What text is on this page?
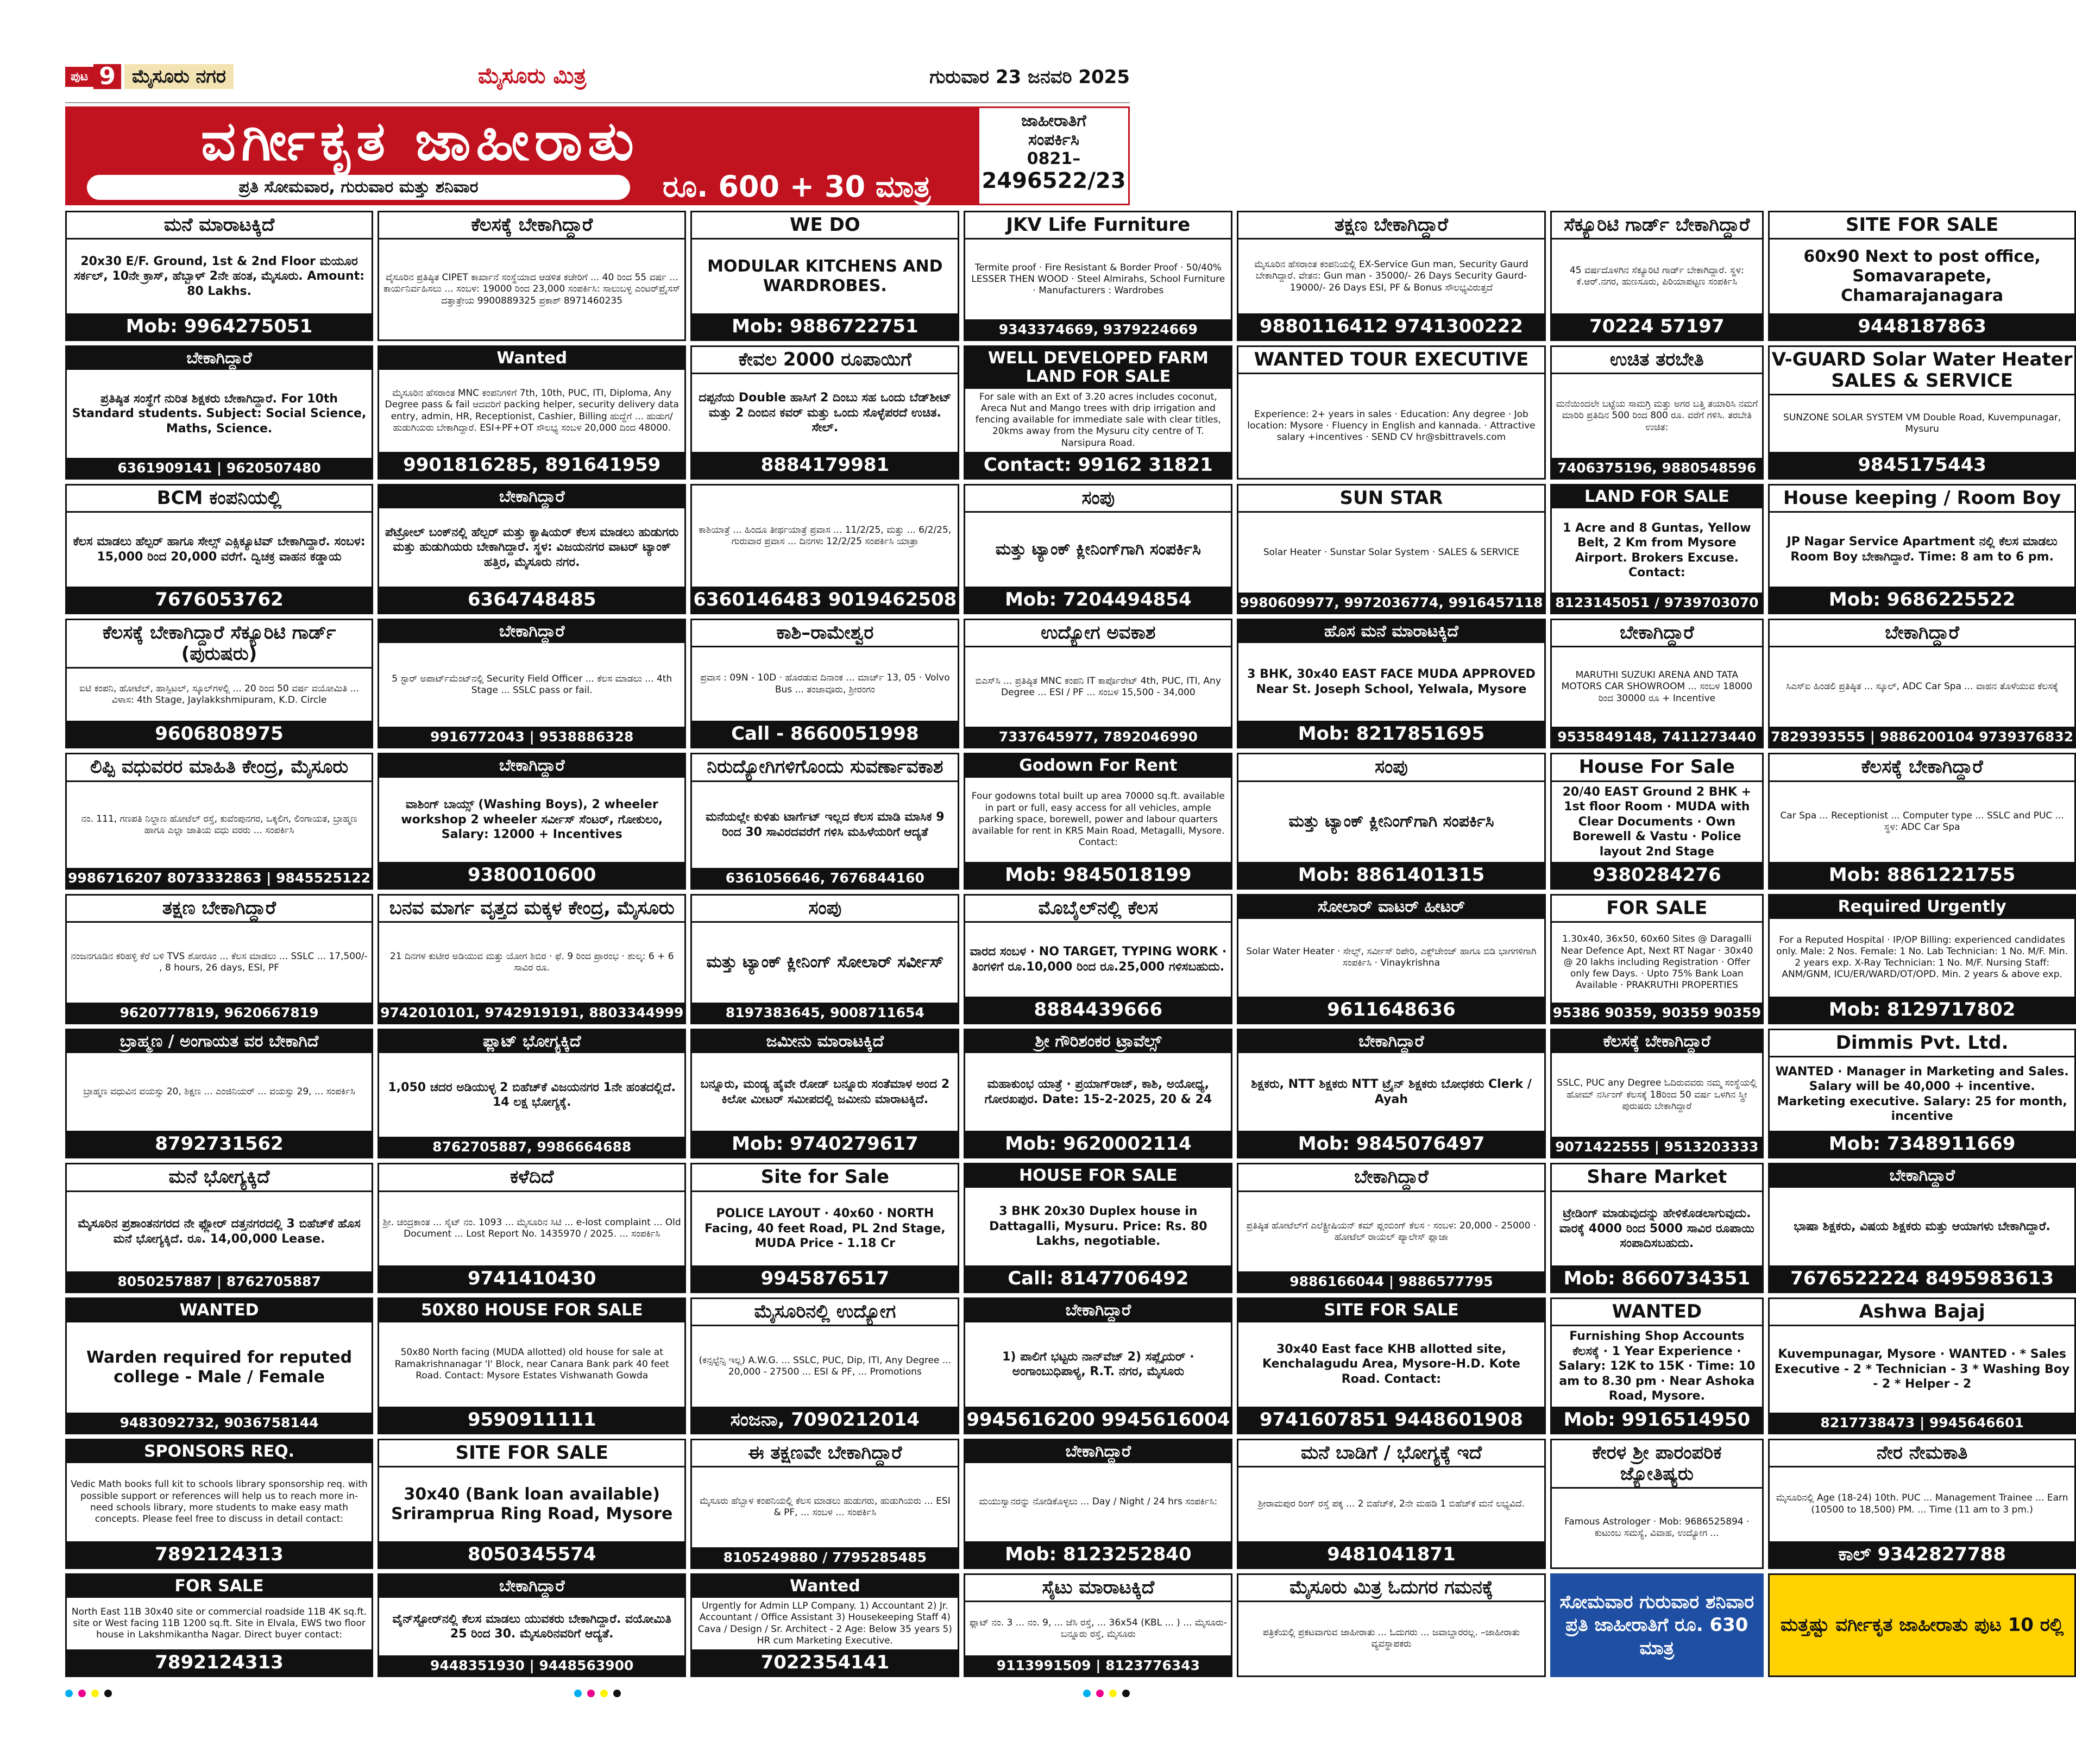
ಪುಟ 9 ಮೈಸೂರು ನಗರ	ಮೈಸೂರು ಮಿತ್ರ	ಗುರುವಾರ 23 ಜನವರಿ 2025
ವರ್ಗೀಕೃತ ಜಾಹೀರಾತು
ಪ್ರತಿ ಸೋಮವಾರ, ಗುರುವಾರ ಮತ್ತು ಶನಿವಾರ	ರೂ. 600 + 30 ಮಾತ್ರ
ಜಾಹೀರಾತಿಗೆ
ಸಂಪರ್ಕಿಸಿ
0821–
2496522/23
ಮನೆ ಮಾರಾಟಕ್ಕಿದೆ
20x30 E/F. Ground, 1st & 2nd Floor ಮಯೂರ ಸರ್ಕಲ್, 10ನೇ ಕ್ರಾಸ್, ಹೆಬ್ಬಾಳ್ 2ನೇ ಹಂತ, ಮೈಸೂರು. Amount: 80 Lakhs.
Mob: 9964275051
ಕೆಲಸಕ್ಕೆ ಬೇಕಾಗಿದ್ದಾರೆ
ವೈಸೂರಿನ ಪ್ರತಿಷ್ಠಿತ CIPET ಕಾರ್ಖಾನೆ ಸಂಸ್ಥೆಯಾದ ಆಡಳಿತ ಕಚೇರಿಗೆ ... 40 ರಿಂದ 55 ವರ್ಷ ... ಕಾರ್ಯನಿರ್ವಹಿಸಲು ... ಸಂಬಳ: 19000 ರಿಂದ 23,000 ಸಂಪರ್ಕಿಸಿ: ಸಾಲುಬಳ್ಳ ಎಂಟರ್‌ಪ್ರೈಸಸ್ ದತ್ತಾತ್ರೇಯ 9900889325 ಪ್ರಕಾಶ್ 8971460235
WE DO
MODULAR KITCHENS AND WARDROBES.
Mob: 9886722751
JKV Life Furniture
Termite proof · Fire Resistant & Border Proof · 50/40% LESSER THEN WOOD · Steel Almirahs, School Furniture · Manufacturers : Wardrobes
9343374669, 9379224669
ತಕ್ಷಣ ಬೇಕಾಗಿದ್ದಾರೆ
ಮೈಸೂರಿನ ಹೆಸರಾಂತ ಕಂಪನಿಯಲ್ಲಿ EX-Service Gun man, Security Gaurd ಬೇಕಾಗಿದ್ದಾರೆ. ವೇತನ: Gun man - 35000/- 26 Days Security Gaurd-19000/- 26 Days ESI, PF & Bonus ಸೌಲಭ್ಯವಿರುತ್ತದೆ
9880116412 9741300222
ಸೆಕ್ಯೂರಿಟಿ ಗಾರ್ಡ್ ಬೇಕಾಗಿದ್ದಾರೆ
45 ವರ್ಷದೊಳಗಿನ ಸೆಕ್ಯೂರಿಟಿ ಗಾರ್ಡ್ ಬೇಕಾಗಿದ್ದಾರೆ. ಸ್ಥಳ: ಕೆ.ಆರ್.ನಗರ, ಹುಣಸೂರು, ಪಿರಿಯಾಪಟ್ಟಣ ಸಂಪರ್ಕಿಸಿ
70224 57197
SITE FOR SALE
60x90 Next to post office, Somavarapete, Chamarajanagara
9448187863
ಬೇಕಾಗಿದ್ದಾರೆ
ಪ್ರತಿಷ್ಠಿತ ಸಂಸ್ಥೆಗೆ ನುರಿತ ಶಿಕ್ಷಕರು ಬೇಕಾಗಿದ್ದಾರೆ. For 10th Standard students. Subject: Social Science, Maths, Science.
6361909141 | 9620507480
Wanted
ಮೈಸೂರಿನ ಹೆಸರಾಂತ MNC ಕಂಪನಿಗಳಿಗೆ 7th, 10th, PUC, ITI, Diploma, Any Degree pass & fail ಆದವರಿಗೆ packing helper, security delivery data entry, admin, HR, Receptionist, Cashier, Billing ಹುದ್ದೆಗೆ ... ಹುಡುಗ/ಹುಡುಗಿಯರು ಬೇಕಾಗಿದ್ದಾರೆ. ESI+PF+OT ಸೌಲಭ್ಯ ಸಂಬಳ 20,000 ದಿಂದ 48000.
9901816285, 891641959
ಕೇವಲ 2000 ರೂಪಾಯಿಗೆ
ದಪ್ಪನೆಯ Double ಹಾಸಿಗೆ 2 ದಿಂಬು ಸಹ ಒಂದು ಬೆಡ್‌ಶೀಟ್ ಮತ್ತು 2 ದಿಂಬಿನ ಕವರ್ ಮತ್ತು ಒಂದು ಸೊಳ್ಳೆಪರದೆ ಉಚಿತ. ಸೇಲ್.
8884179981
WELL DEVELOPED FARM LAND FOR SALE
For sale with an Ext of 3.20 acres includes coconut, Areca Nut and Mango trees with drip irrigation and fencing available for immediate sale with clear titles, 20kms away from the Mysuru city centre of T. Narsipura Road.
Contact: 99162 31821
WANTED TOUR EXECUTIVE
Experience: 2+ years in sales · Education: Any degree · Job location: Mysore · Fluency in English and kannada. · Attractive salary +incentives · SEND CV hr@sbittravels.com
ಉಚಿತ ತರಬೇತಿ
ಮನೆಯಿಂದಲೇ ಬಟ್ಟೆಯ ಸಾಮಗ್ರಿ ಮತ್ತು ಅಗರ ಬತ್ತಿ ತಯಾರಿಸಿ ನಮಗೆ ಮಾರಿರಿ ಪ್ರತಿದಿನ 500 ರಿಂದ 800 ರೂ. ವರೆಗೆ ಗಳಿಸಿ. ತರಬೇತಿ ಉಚಿತ:
7406375196, 9880548596
V-GUARD Solar Water Heater SALES & SERVICE
SUNZONE SOLAR SYSTEM VM Double Road, Kuvempunagar, Mysuru
9845175443
BCM ಕಂಪನಿಯಲ್ಲಿ
ಕೆಲಸ ಮಾಡಲು ಹೆಲ್ಪರ್ ಹಾಗೂ ಸೇಲ್ಸ್ ಎಕ್ಸಿಕ್ಯೂಟಿವ್ ಬೇಕಾಗಿದ್ದಾರೆ. ಸಂಬಳ: 15,000 ರಿಂದ 20,000 ವರೆಗೆ. ದ್ವಿಚಕ್ರ ವಾಹನ ಕಡ್ಡಾಯ
7676053762
ಬೇಕಾಗಿದ್ದಾರೆ
ಪೆಟ್ರೋಲ್ ಬಂಕ್‌ನಲ್ಲಿ ಹೆಲ್ಪರ್ ಮತ್ತು ಕ್ಯಾಷಿಯರ್ ಕೆಲಸ ಮಾಡಲು ಹುಡುಗರು ಮತ್ತು ಹುಡುಗಿಯರು ಬೇಕಾಗಿದ್ದಾರೆ. ಸ್ಥಳ: ವಿಜಯನಗರ ವಾಟರ್ ಟ್ಯಾಂಕ್ ಹತ್ತಿರ, ಮೈಸೂರು ನಗರ.
6364748485
ಕಾಶಿಯಾತ್ರೆ ... ಹಿಂದೂ ತೀರ್ಥಯಾತ್ರೆ ಪ್ರವಾಸ ... 11/2/25, ಮತ್ತು ... 6/2/25, ಗುರುವಾರ ಪ್ರವಾಸ ... ದಿನಗಳು 12/2/25 ಸಂಪರ್ಕಿಸಿ ಯಾತ್ರಾ
6360146483 9019462508
ಸಂಪು
ಮತ್ತು ಟ್ಯಾಂಕ್ ಕ್ಲೀನಿಂಗ್‌ಗಾಗಿ ಸಂಪರ್ಕಿಸಿ
Mob: 7204494854
SUN STAR
Solar Heater · Sunstar Solar System · SALES & SERVICE
9980609977, 9972036774, 9916457118
LAND FOR SALE
1 Acre and 8 Guntas, Yellow Belt, 2 Km from Mysore Airport. Brokers Excuse. Contact:
8123145051 / 9739703070
House keeping / Room Boy
JP Nagar Service Apartment ನಲ್ಲಿ ಕೆಲಸ ಮಾಡಲು Room Boy ಬೇಕಾಗಿದ್ದಾರೆ. Time: 8 am to 6 pm.
Mob: 9686225522
ಕೆಲಸಕ್ಕೆ ಬೇಕಾಗಿದ್ದಾರೆ ಸೆಕ್ಯೂರಿಟಿ ಗಾರ್ಡ್ (ಪುರುಷರು)
ಐಟಿ ಕಂಪನಿ, ಹೋಟೆಲ್, ಹಾಸ್ಪಿಟಲ್, ಸ್ಕೂಲ್‌ಗಳಲ್ಲಿ ... 20 ರಿಂದ 50 ವರ್ಷ ವಯೋಮಿತಿ ... ವಿಳಾಸ: 4th Stage, Jaylakkshmipuram, K.D. Circle
9606808975
ಬೇಕಾಗಿದ್ದಾರೆ
5 ಸ್ಟಾರ್ ಅಪಾರ್ಟ್‌ಮೆಂಟ್‌ನಲ್ಲಿ Security Field Officer ... ಕೆಲಸ ಮಾಡಲು ... 4th Stage ... SSLC pass or fail.
9916772043 | 9538886328
ಕಾಶಿ–ರಾಮೇಶ್ವರ
ಪ್ರವಾಸ : 09N - 10D · ಹೊರಡುವ ದಿನಾಂಕ ... ಮಾರ್ಚ್ 13, 05 · Volvo Bus ... ತಂಜಾವೂರು, ಶ್ರೀರಂಗಂ
Call - 8660051998
ಉದ್ಯೋಗ ಅವಕಾಶ
ಬಿಎಸ್‌ಸಿ ... ಪ್ರತಿಷ್ಠಿತ MNC ಕಂಪನಿ IT ಕಾರ್ಪೊರೇಟ್ 4th, PUC, ITI, Any Degree ... ESI / PF ... ಸಂಬಳ 15,500 - 34,000
7337645977, 7892046990
ಹೊಸ ಮನೆ ಮಾರಾಟಕ್ಕಿದೆ
3 BHK, 30x40 EAST FACE MUDA APPROVED Near St. Joseph School, Yelwala, Mysore
Mob: 8217851695
ಬೇಕಾಗಿದ್ದಾರೆ
MARUTHI SUZUKI ARENA AND TATA MOTORS CAR SHOWROOM ... ಸಂಬಳ 18000 ರಿಂದ 30000 ರೂ + Incentive
9535849148, 7411273440
ಬೇಕಾಗಿದ್ದಾರೆ
ಸಿಎಸ್‌ಐ ಹಿಂಡಲಿ ಪ್ರತಿಷ್ಠಿತ ... ಸ್ಕೂಲ್, ADC Car Spa ... ವಾಹನ ತೊಳೆಯುವ ಕೆಲಸಕ್ಕೆ
7829393555 | 9886200104 9739376832
ಲಿಪ್ಪಿ ವಧುವರರ ಮಾಹಿತಿ ಕೇಂದ್ರ, ಮೈಸೂರು
ನಂ. 111, ಗಣಪತಿ ನಿಲ್ದಾಣ ಹೋಟೆಲ್ ರಸ್ತೆ, ಕುವೆಂಪುನಗರ, ಒಕ್ಕಲಿಗ, ಲಿಂಗಾಯತ, ಬ್ರಾಹ್ಮಣ ಹಾಗೂ ಎಲ್ಲಾ ಜಾತಿಯ ವಧು ವರರು ... ಸಂಪರ್ಕಿಸಿ
9986716207 8073332863 | 9845525122
ಬೇಕಾಗಿದ್ದಾರೆ
ವಾಶಿಂಗ್ ಬಾಯ್ಸ್ (Washing Boys), 2 wheeler workshop 2 wheeler ಸರ್ವೀಸ್ ಸೆಂಟರ್, ಗೋಕುಲಂ, Salary: 12000 + Incentives
9380010600
ನಿರುದ್ಯೋಗಿಗಳಿಗೊಂದು ಸುವರ್ಣಾವಕಾಶ
ಮನೆಯಲ್ಲೇ ಕುಳಿತು ಟಾರ್ಗೆಟ್ ಇಲ್ಲದ ಕೆಲಸ ಮಾಡಿ ಮಾಸಿಕ 9 ರಿಂದ 30 ಸಾವಿರದವರೆಗೆ ಗಳಿಸಿ ಮಹಿಳೆಯರಿಗೆ ಆದ್ಯತೆ
6361056646, 7676844160
Godown For Rent
Four godowns total built up area 70000 sq.ft. available in part or full, easy access for all vehicles, ample parking space, borewell, power and labour quarters available for rent in KRS Main Road, Metagalli, Mysore. Contact:
Mob: 9845018199
ಸಂಪು
ಮತ್ತು ಟ್ಯಾಂಕ್ ಕ್ಲೀನಿಂಗ್‌ಗಾಗಿ ಸಂಪರ್ಕಿಸಿ
Mob: 8861401315
House For Sale
20/40 EAST Ground 2 BHK + 1st floor Room · MUDA with Clear Documents · Own Borewell & Vastu · Police layout 2nd Stage
9380284276
ಕೆಲಸಕ್ಕೆ ಬೇಕಾಗಿದ್ದಾರೆ
Car Spa ... Receptionist ... Computer type ... SSLC and PUC ... ಸ್ಥಳ: ADC Car Spa
Mob: 8861221755
ತಕ್ಷಣ ಬೇಕಾಗಿದ್ದಾರೆ
ನಂಜನಗೂಡಿನ ಕರಿಹಳ್ಳಿ ಕೆರೆ ಬಳಿ TVS ಶೋರೂಂ ... ಕೆಲಸ ಮಾಡಲು ... SSLC ... 17,500/- , 8 hours, 26 days, ESI, PF
9620777819, 9620667819
ಬನವ ಮಾರ್ಗ ವೃತ್ತದ ಮಕ್ಕಳ ಕೇಂದ್ರ, ಮೈಸೂರು
21 ದಿನಗಳ ಕುಟೀರ ಅಡಿಯುವ ಮತ್ತು ಯೋಗ ಶಿಬಿರ · ಫೆ. 9 ರಿಂದ ಪ್ರಾರಂಭ · ಶುಲ್ಕ: 6 + 6 ಸಾವಿರ ರೂ.
9742010101, 9742919191, 8803344999
ಸಂಪು
ಮತ್ತು ಟ್ಯಾಂಕ್ ಕ್ಲೀನಿಂಗ್ ಸೋಲಾರ್ ಸರ್ವೀಸ್
8197383645, 9008711654
ಮೊಬೈಲ್‌ನಲ್ಲಿ ಕೆಲಸ
ವಾರದ ಸಂಬಳ · NO TARGET, TYPING WORK · ತಿಂಗಳಿಗೆ ರೂ.10,000 ರಿಂದ ರೂ.25,000 ಗಳಿಸಬಹುದು.
8884439666
ಸೋಲಾರ್ ವಾಟರ್ ಹೀಟರ್
Solar Water Heater · ಸೇಲ್ಸ್, ಸರ್ವೀಸ್ ರಿಪೇರಿ, ಎಕ್ಸ್‌ಚೇಂಜ್ ಹಾಗೂ ಬಿಡಿ ಭಾಗಗಳಿಗಾಗಿ ಸಂಪರ್ಕಿಸಿ · Vinaykrishna
9611648636
FOR SALE
1.30x40, 36x50, 60x60 Sites @ Daragalli Near Defence Apt, Next RT Nagar · 30x40 @ 20 lakhs including Registration · Offer only few Days. · Upto 75% Bank Loan Available · PRAKRUTHI PROPERTIES
95386 90359, 90359 90359
Required Urgently
For a Reputed Hospital · IP/OP Billing: experienced candidates only. Male: 2 Nos. Female: 1 No. Lab Technician: 1 No. M/F. Min. 2 years exp. X-Ray Technician: 1 No. M/F. Nursing Staff: ANM/GNM, ICU/ER/WARD/OT/OPD. Min. 2 years & above exp.
Mob: 8129717802
ಬ್ರಾಹ್ಮಣ / ಅಂಗಾಯತ ವರ ಬೇಕಾಗಿದೆ
ಬ್ರಾಹ್ಮಣ ವಧುವಿನ ವಯಸ್ಸು 20, ಶಿಕ್ಷಣ ... ಎಂಜಿನಿಯರ್ ... ವಯಸ್ಸು 29, ... ಸಂಪರ್ಕಿಸಿ
8792731562
ಫ್ಲಾಟ್ ಭೋಗ್ಯಕ್ಕಿದೆ
1,050 ಚದರ ಅಡಿಯುಳ್ಳ 2 ಬಿಹೆಚ್‌ಕೆ ವಿಜಯನಗರ 1ನೇ ಹಂತದಲ್ಲಿದೆ. 14 ಲಕ್ಷ ಭೋಗ್ಯಕ್ಕೆ.
8762705887, 9986664688
ಜಮೀನು ಮಾರಾಟಕ್ಕಿದೆ
ಬನ್ನೂರು, ಮಂಡ್ಯ ಹೈವೇ ರೋಡ್ ಬನ್ನೂರು ಸಂತೆಮಾಳ ಅಂದ 2 ಕಿಲೋ ಮೀಟರ್ ಸಮೀಪದಲ್ಲಿ ಜಮೀನು ಮಾರಾಟಕ್ಕಿದೆ.
Mob: 9740279617
ಶ್ರೀ ಗೌರಿಶಂಕರ ಟ್ರಾವೆಲ್ಸ್
ಮಹಾಕುಂಭ ಯಾತ್ರೆ · ಪ್ರಯಾಗ್‌ರಾಜ್, ಕಾಶಿ, ಅಯೋಧ್ಯ, ಗೋರಖಪುರ. Date: 15-2-2025, 20 & 24
Mob: 9620002114
ಬೇಕಾಗಿದ್ದಾರೆ
ಶಿಕ್ಷಕರು, NTT ಶಿಕ್ಷಕರು NTT ಟ್ರೈನ್ ಶಿಕ್ಷಕರು ಬೋಧಕರು Clerk / Ayah
Mob: 9845076497
ಕೆಲಸಕ್ಕೆ ಬೇಕಾಗಿದ್ದಾರೆ
SSLC, PUC any Degree ಓದಿರುವವರು ನಮ್ಮ ಸಂಸ್ಥೆಯಲ್ಲಿ ಹೋಮ್ ನರ್ಸಿಂಗ್ ಕೆಲಸಕ್ಕೆ 18ರಿಂದ 50 ವರ್ಷ ಒಳಗಿನ ಸ್ತ್ರೀ ಪುರುಷರು ಬೇಕಾಗಿದ್ದಾರೆ
9071422555 | 9513203333
Dimmis Pvt. Ltd.
WANTED · Manager in Marketing and Sales. Salary will be 40,000 + incentive. Marketing executive. Salary: 25 for month, incentive
Mob: 7348911669
ಮನೆ ಭೋಗ್ಯಕ್ಕಿದೆ
ಮೈಸೂರಿನ ಪ್ರಶಾಂತನಗರದ ನೇ ಫ್ಲೋರ್ ದತ್ತನಗರದಲ್ಲಿ 3 ಬಿಹೆಚ್‌ಕೆ ಹೊಸ ಮನೆ ಭೋಗ್ಯಕ್ಕಿದೆ. ರೂ. 14,00,000 Lease.
8050257887 | 8762705887
ಕಳೆದಿದೆ
ಶ್ರೀ. ಚಂದ್ರಕಾಂತ ... ಸೈಟ್ ನಂ. 1093 ... ಮೈಸೂರಿನ ಸಿಟಿ ... e-lost complaint ... Old Document ... Lost Report No. 1435970 / 2025. ... ಸಂಪರ್ಕಿಸಿ
9741410430
Site for Sale
POLICE LAYOUT · 40x60 · NORTH Facing, 40 feet Road, PL 2nd Stage, MUDA Price - 1.18 Cr
9945876517
HOUSE FOR SALE
3 BHK 20x30 Duplex house in Dattagalli, Mysuru. Price: Rs. 80 Lakhs, negotiable.
Call: 8147706492
ಬೇಕಾಗಿದ್ದಾರೆ
ಪ್ರತಿಷ್ಠಿತ ಹೋಟೆಲ್‌ಗೆ ಎಲೆಕ್ಟ್ರೀಷಿಯನ್ ಕಮ್ ಪ್ಲಂಬಿಂಗ್ ಕೆಲಸ · ಸಂಬಳ: 20,000 - 25000 · ಹೋಟೆಲ್ ರಾಯಲ್ ಪ್ಯಾಲೇಸ್ ಪ್ಲಾಜಾ
9886166044 | 9886577795
Share Market
ಟ್ರೇಡಿಂಗ್ ಮಾಡುವುದನ್ನು ಹೇಳಿಕೊಡಲಾಗುವುದು. ವಾರಕ್ಕೆ 4000 ರಿಂದ 5000 ಸಾವಿರ ರೂಪಾಯಿ ಸಂಪಾದಿಸಬಹುದು.
Mob: 8660734351
ಬೇಕಾಗಿದ್ದಾರೆ
ಭಾಷಾ ಶಿಕ್ಷಕರು, ವಿಷಯ ಶಿಕ್ಷಕರು ಮತ್ತು ಆಯಾಗಳು ಬೇಕಾಗಿದ್ದಾರೆ.
7676522224 8495983613
WANTED
Warden required for reputed college - Male / Female
9483092732, 9036758144
50X80 HOUSE FOR SALE
50x80 North facing (MUDA allotted) old house for sale at Ramakrishnanagar 'I' Block, near Canara Bank park 40 feet Road. Contact: Mysore Estates Vishwanath Gowda
9590911111
ಮೈಸೂರಿನಲ್ಲಿ ಉದ್ಯೋಗ
(ಕನ್ಸಲ್ಟೆನ್ಸಿ ಇಲ್ಲ) A.W.G. ... SSLC, PUC, Dip, ITI, Any Degree ... 20,000 - 27500 ... ESI & PF, ... Promotions
ಸಂಜನಾ, 7090212014
ಬೇಕಾಗಿದ್ದಾರೆ
1) ಪಾಲಿಗೆ ಭಟ್ಟರು ನಾನ್‌ವೆಜ್ 2) ಸಪ್ಲೈಯರ್ · ಅಂಗಾಂಬುಧಿಪಾಳ್ಯ, R.T. ನಗರ, ಮೈಸೂರು
9945616200 9945616004
SITE FOR SALE
30x40 East face KHB allotted site, Kenchalagudu Area, Mysore-H.D. Kote Road. Contact:
9741607851 9448601908
WANTED
Furnishing Shop Accounts ಕೆಲಸಕ್ಕೆ · 1 Year Experience · Salary: 12K to 15K · Time: 10 am to 8.30 pm · Near Ashoka Road, Mysore.
Mob: 9916514950
Ashwa Bajaj
Kuvempunagar, Mysore · WANTED · * Sales Executive - 2 * Technician - 3 * Washing Boy - 2 * Helper - 2
8217738473 | 9945646601
SPONSORS REQ.
Vedic Math books full kit to schools library sponsorship req. with possible support or references will help us to reach more in-need schools library, more students to make easy math concepts. Please feel free to discuss in detail contact:
7892124313
SITE FOR SALE
30x40 (Bank loan available) Sriramprua Ring Road, Mysore
8050345574
ಈ ತಕ್ಷಣವೇ ಬೇಕಾಗಿದ್ದಾರೆ
ಮೈಸೂರು ಹೆಬ್ಬಾಳ ಕಂಪನಿಯಲ್ಲಿ ಕೆಲಸ ಮಾಡಲು ಹುಡುಗರು, ಹುಡುಗಿಯರು ... ESI & PF, ... ಸಂಬಳ ... ಸಂಪರ್ಕಿಸಿ
8105249880 / 7795285485
ಬೇಕಾಗಿದ್ದಾರೆ
ಮಯುಸ್ವಾನರನ್ನು ನೋಡಿಕೊಳ್ಳಲು ... Day / Night / 24 hrs ಸಂಪರ್ಕಿಸಿ:
Mob: 8123252840
ಮನೆ ಬಾಡಿಗೆ / ಭೋಗ್ಯಕ್ಕೆ ಇದೆ
ಶ್ರೀರಾಮಪುರ ರಿಂಗ್ ರಸ್ತೆ ಪಕ್ಕ ... 2 ಬಿಹೆಚ್‌ಕೆ, 2ನೇ ಮಹಡಿ 1 ಬಿಹೆಚ್‌ಕೆ ಮನೆ ಲಭ್ಯವಿದೆ.
9481041871
ಕೇರಳ ಶ್ರೀ ಪಾರಂಪರಿಕ ಜ್ಯೋತಿಷ್ಯರು
Famous Astrologer · Mob: 9686525894 · ಕುಟುಂಬ ಸಮಸ್ಯೆ, ವಿವಾಹ, ಉದ್ಯೋಗ ...
ನೇರ ನೇಮಕಾತಿ
ಮೈಸೂರಿನಲ್ಲಿ Age (18-24) 10th. PUC ... Management Trainee ... Earn (10500 to 18,500) PM. ... Time (11 am to 3 pm.)
ಕಾಲ್ 9342827788
FOR SALE
North East 11B 30x40 site or commercial roadside 11B 4K sq.ft. site or West facing 11B 1200 sq.ft. Site in Elvala, EWS two floor house in Lakshmikantha Nagar. Direct buyer contact:
7892124313
ಬೇಕಾಗಿದ್ದಾರೆ
ವೈನ್‌ಸ್ಟೋರ್‌ನಲ್ಲಿ ಕೆಲಸ ಮಾಡಲು ಯುವಕರು ಬೇಕಾಗಿದ್ದಾರೆ. ವಯೋಮಿತಿ 25 ರಿಂದ 30. ಮೈಸೂರಿನವರಿಗೆ ಆದ್ಯತೆ.
9448351930 | 9448563900
Wanted
Urgently for Admin LLP Company. 1) Accountant 2) Jr. Accountant / Office Assistant 3) Housekeeping Staff 4) Cava / Design / Sr. Architect - 2 Age: Below 35 years 5) HR cum Marketing Executive.
7022354141
ಸೈಟು ಮಾರಾಟಕ್ಕಿದೆ
ಫ್ಲಾಟ್ ನಂ. 3 ... ನಂ. 9, ... ಜೆಸಿ ರಸ್ತೆ, ... 36x54 (KBL ... ) ... ಮೈಸೂರು-ಬನ್ನೂರು ರಸ್ತೆ, ಮೈಸೂರು
9113991509 | 8123776343
ಮೈಸೂರು ಮಿತ್ರ ಓದುಗರ ಗಮನಕ್ಕೆ
ಪತ್ರಿಕೆಯಲ್ಲಿ ಪ್ರಕಟವಾಗುವ ಜಾಹೀರಾತು ... ಓದುಗರು ... ಜವಾಬ್ದಾರರಲ್ಲ. –ಜಾಹೀರಾತು ವ್ಯವಸ್ಥಾಪಕರು
ಸೋಮವಾರ ಗುರುವಾರ ಶನಿವಾರ ಪ್ರತಿ ಜಾಹೀರಾತಿಗೆ ರೂ. 630 ಮಾತ್ರ
ಮತ್ತಷ್ಟು ವರ್ಗೀಕೃತ ಜಾಹೀರಾತು ಪುಟ 10 ರಲ್ಲಿ
